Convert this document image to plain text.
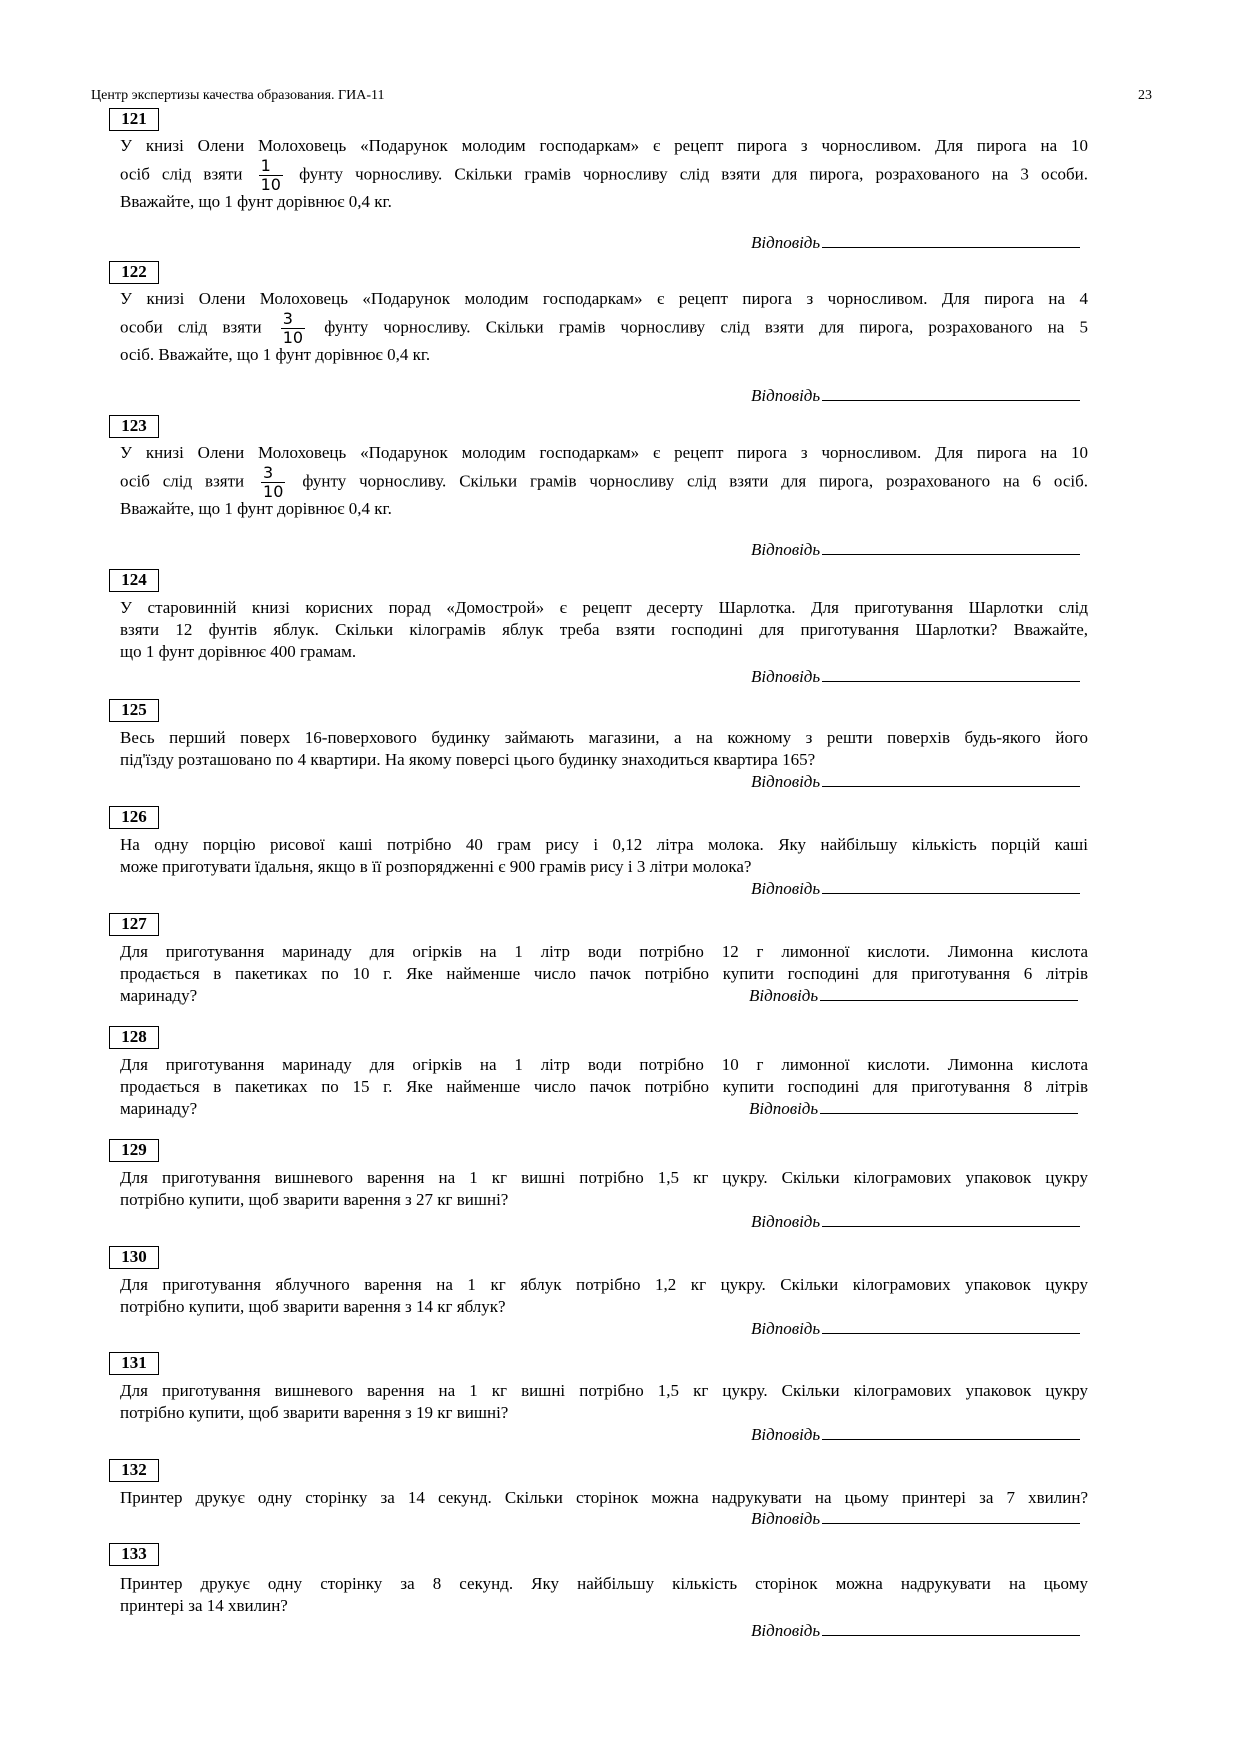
Центр экспертизы качества образования. ГИА-11	23
121
У книзі Олени Молоховець «Подарунок молодим господаркам» є рецепт пирога з чорносливом. Для пирога на 10
осіб слід взяти $\frac{1}{10}$ фунту чорносливу. Скільки грамів чорносливу слід взяти для пирога, розрахованого на 3 особи.
Вважайте, що 1 фунт дорівнює 0,4 кг.
Відповідь
122
У книзі Олени Молоховець «Подарунок молодим господаркам» є рецепт пирога з чорносливом. Для пирога на 4
особи слід взяти $\frac{3}{10}$ фунту чорносливу. Скільки грамів чорносливу слід взяти для пирога, розрахованого на 5
осіб. Вважайте, що 1 фунт дорівнює 0,4 кг.
Відповідь
123
У книзі Олени Молоховець «Подарунок молодим господаркам» є рецепт пирога з чорносливом. Для пирога на 10
осіб слід взяти $\frac{3}{10}$ фунту чорносливу. Скільки грамів чорносливу слід взяти для пирога, розрахованого на 6 осіб.
Вважайте, що 1 фунт дорівнює 0,4 кг.
Відповідь
124
У старовинній книзі корисних порад «Домострой» є рецепт десерту Шарлотка. Для приготування Шарлотки слід
взяти 12 фунтів яблук. Скільки кілограмів яблук треба взяти господині для приготування Шарлотки? Вважайте,
що 1 фунт дорівнює 400 грамам.
Відповідь
125
Весь перший поверх 16-поверхового будинку займають магазини, а на кожному з решти поверхів будь-якого його
під'їзду розташовано по 4 квартири. На якому поверсі цього будинку знаходиться квартира 165?
Відповідь
126
На одну порцію рисової каші потрібно 40 грам рису і 0,12 літра молока. Яку найбільшу кількість порцій каші
може приготувати їдальня, якщо в її розпорядженні є 900 грамів рису і 3 літри молока?
Відповідь
127
Для приготування маринаду для огірків на 1 літр води потрібно 12 г лимонної кислоти. Лимонна кислота
продається в пакетиках по 10 г. Яке найменше число пачок потрібно купити господині для приготування 6 літрів
маринаду?	Відповідь
128
Для приготування маринаду для огірків на 1 літр води потрібно 10 г лимонної кислоти. Лимонна кислота
продається в пакетиках по 15 г. Яке найменше число пачок потрібно купити господині для приготування 8 літрів
маринаду?	Відповідь
129
Для приготування вишневого варення на 1 кг вишні потрібно 1,5 кг цукру. Скільки кілограмових упаковок цукру
потрібно купити, щоб зварити варення з 27 кг вишні?
Відповідь
130
Для приготування яблучного варення на 1 кг яблук потрібно 1,2 кг цукру. Скільки кілограмових упаковок цукру
потрібно купити, щоб зварити варення з 14 кг яблук?
Відповідь
131
Для приготування вишневого варення на 1 кг вишні потрібно 1,5 кг цукру. Скільки кілограмових упаковок цукру
потрібно купити, щоб зварити варення з 19 кг вишні?
Відповідь
132
Принтер друкує одну сторінку за 14 секунд. Скільки сторінок можна надрукувати на цьому принтері за 7 хвилин?
Відповідь
133
Принтер друкує одну сторінку за 8 секунд. Яку найбільшу кількість сторінок можна надрукувати на цьому
принтері за 14 хвилин?
Відповідь
